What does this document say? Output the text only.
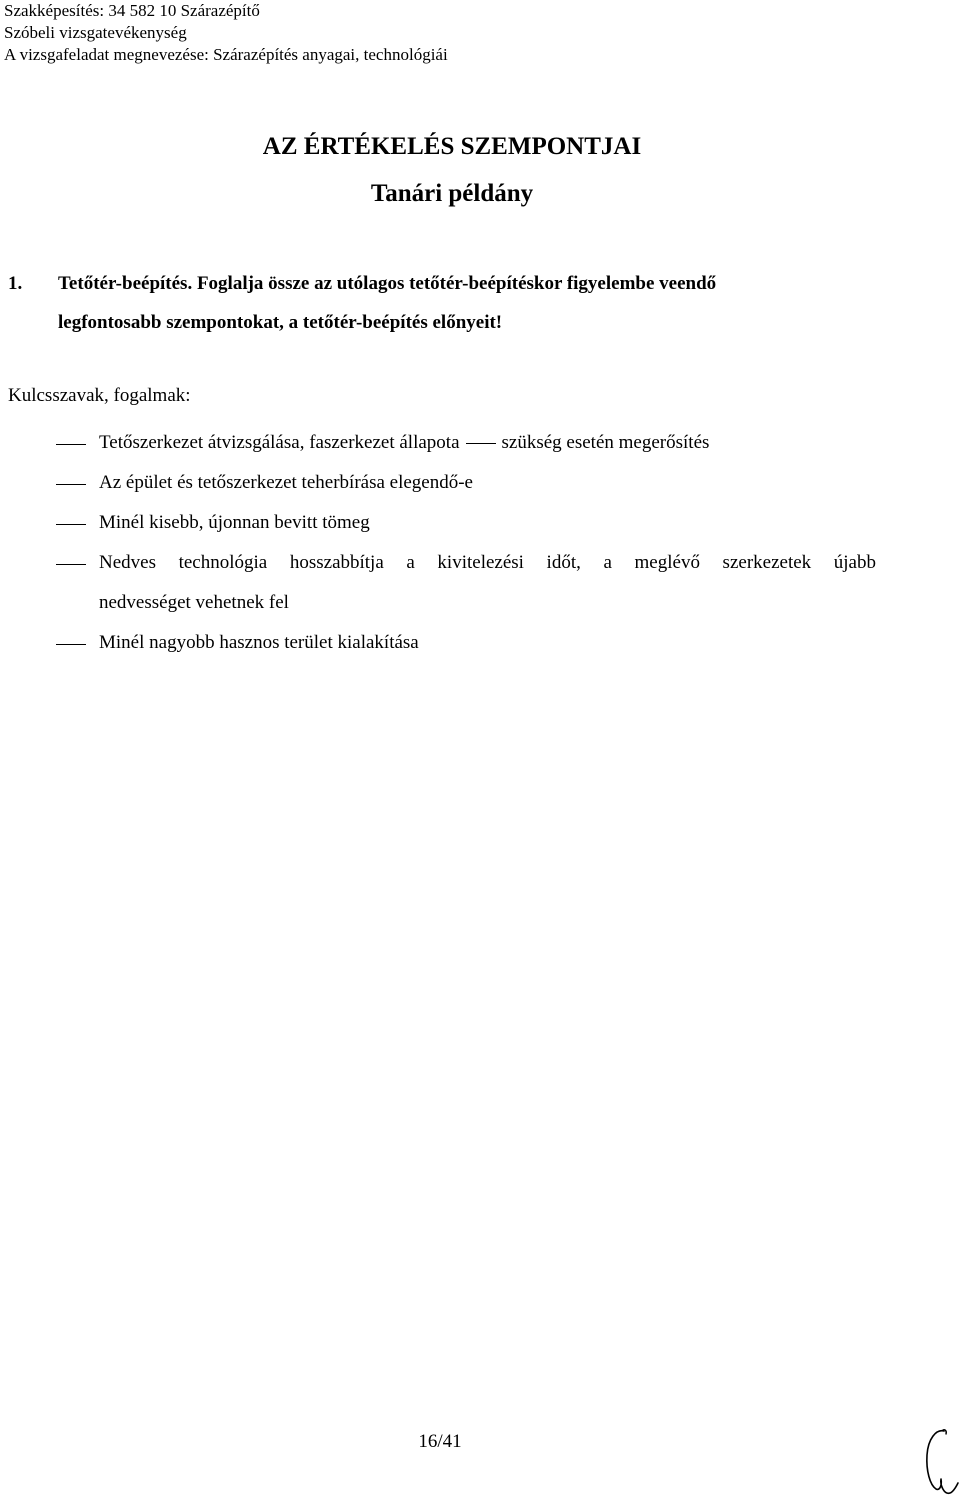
Szakképesítés: 34 582 10 Szárazépítő
Szóbeli vizsgatevékenység
A vizsgafeladat megnevezése: Szárazépítés anyagai, technológiái
AZ ÉRTÉKELÉS SZEMPONTJAI
Tanári példány
1. Tetőtér-beépítés. Foglalja össze az utólagos tetőtér-beépítéskor figyelembe veendő
legfontosabb szempontokat, a tetőtér-beépítés előnyeit!
Kulcsszavak, fogalmak:
Tetőszerkezet átvizsgálása, faszerkezet állapota szükség esetén megerősítés
Az épület és tetőszerkezet teherbírása elegendő-e
Minél kisebb, újonnan bevitt tömeg
Nedves technológia hosszabbítja a kivitelezési időt, a meglévő szerkezetek újabb
nedvességet vehetnek fel
Minél nagyobb hasznos terület kialakítása
16/41
